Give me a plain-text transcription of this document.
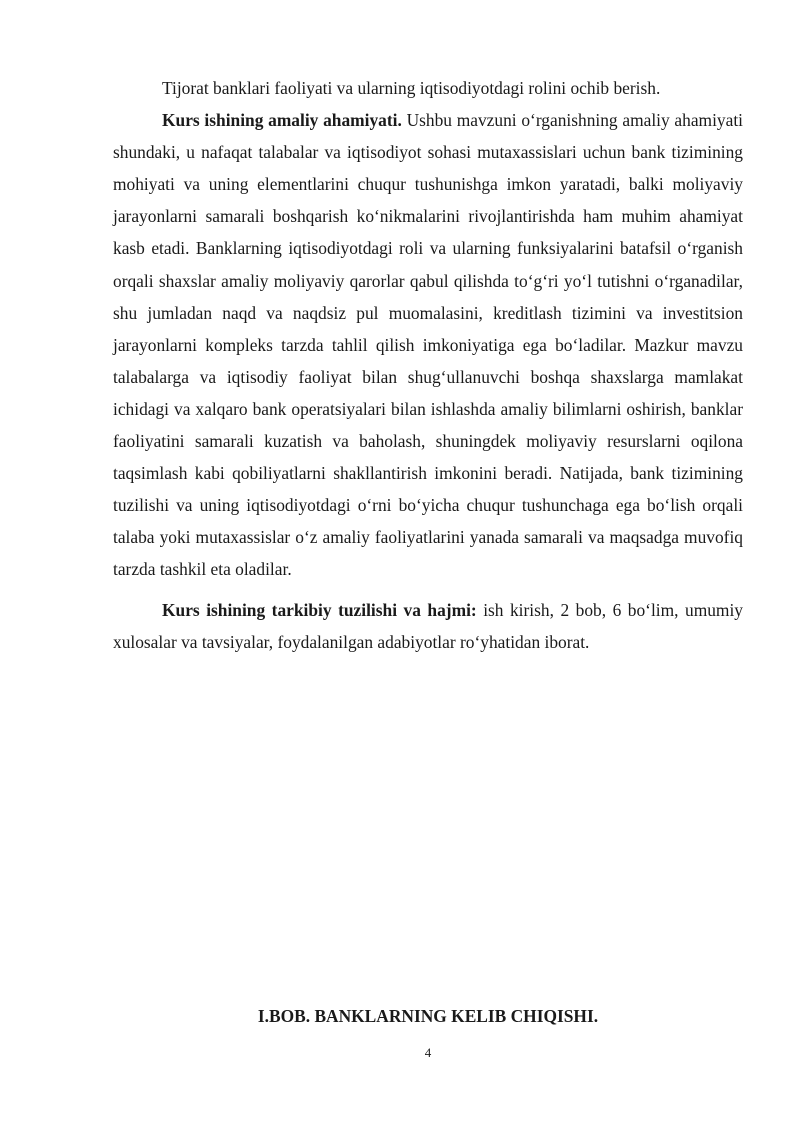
Tijorat banklari faoliyati va ularning iqtisodiyotdagi rolini ochib berish.

Kurs ishining amaliy ahamiyati. Ushbu mavzuni o‘rganishning amaliy ahamiyati shundaki, u nafaqat talabalar va iqtisodiyot sohasi mutaxassislari uchun bank tizimining mohiyati va uning elementlarini chuqur tushunishga imkon yaratadi, balki moliyaviy jarayonlarni samarali boshqarish ko‘nikmalarini rivojlantirishda ham muhim ahamiyat kasb etadi. Banklarning iqtisodiyotdagi roli va ularning funksiyalarini batafsil o‘rganish orqali shaxslar amaliy moliyaviy qarorlar qabul qilishda to‘g‘ri yo‘l tutishni o‘rganadilar, shu jumladan naqd va naqdsiz pul muomalasini, kreditlash tizimini va investitsion jarayonlarni kompleks tarzda tahlil qilish imkoniyatiga ega bo‘ladilar. Mazkur mavzu talabalarga va iqtisodiy faoliyat bilan shug‘ullanuvchi boshqa shaxslarga mamlakat ichidagi va xalqaro bank operatsiyalari bilan ishlashda amaliy bilimlarni oshirish, banklar faoliyatini samarali kuzatish va baholash, shuningdek moliyaviy resurslarni oqilona taqsimlash kabi qobiliyatlarni shakllantirish imkonini beradi. Natijada, bank tizimining tuzilishi va uning iqtisodiyotdagi o‘rni bo‘yicha chuqur tushunchaga ega bo‘lish orqali talaba yoki mutaxassislar o‘z amaliy faoliyatlarini yanada samarali va maqsadga muvofiq tarzda tashkil eta oladilar.

Kurs ishining tarkibiy tuzilishi va hajmi: ish kirish, 2 bob, 6 bo‘lim, umumiy xulosalar va tavsiyalar, foydalanilgan adabiyotlar ro‘yhatidan iborat.

I.BOB. BANKLARNING KELIB CHIQISHI.
4
